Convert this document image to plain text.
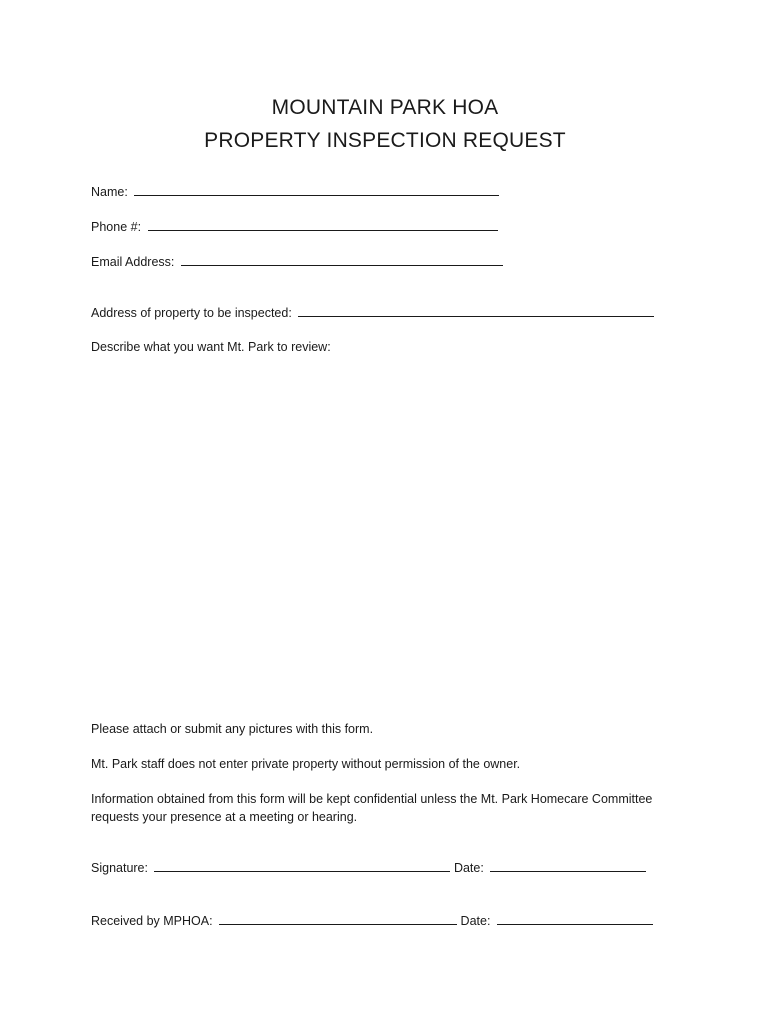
MOUNTAIN PARK HOA
PROPERTY INSPECTION REQUEST
Name:
Phone #:
Email Address:
Address of property to be inspected:
Describe what you want Mt. Park to review:
Please attach or submit any pictures with this form.
Mt. Park staff does not enter private property without permission of the owner.
Information obtained from this form will be kept confidential unless the Mt. Park Homecare Committee requests your presence at a meeting or hearing.
Signature:	Date:
Received by MPHOA:	Date:
